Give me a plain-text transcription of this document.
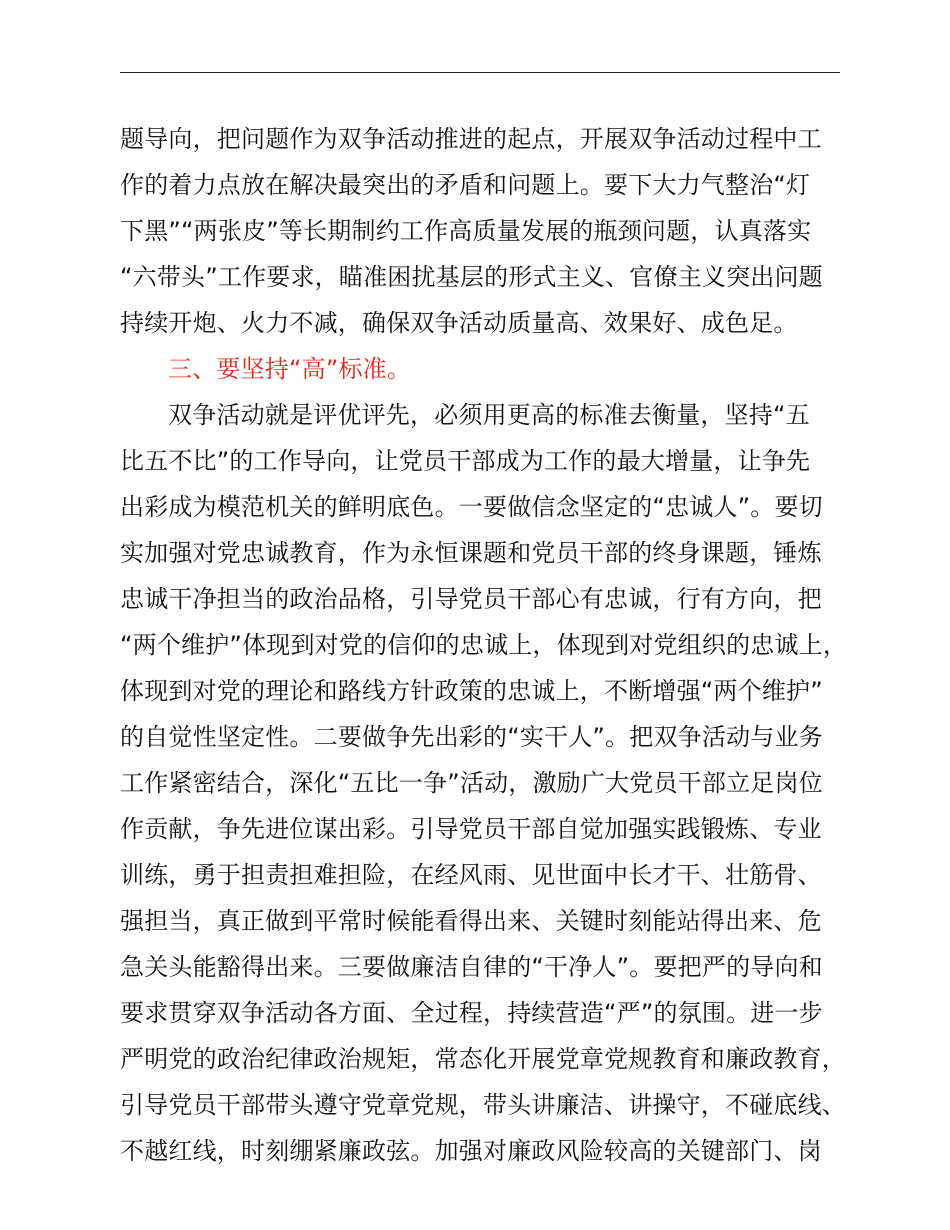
题导向，把问题作为双争活动推进的起点，开展双争活动过程中工
作的着力点放在解决最突出的矛盾和问题上。要下大力气整治“灯
下黑”“两张皮”等长期制约工作高质量发展的瓶颈问题，认真落实
“六带头”工作要求，瞄准困扰基层的形式主义、官僚主义突出问题
持续开炮、火力不减，确保双争活动质量高、效果好、成色足。
三、要坚持“高”标准。
双争活动就是评优评先，必须用更高的标准去衡量，坚持“五
比五不比”的工作导向，让党员干部成为工作的最大增量，让争先
出彩成为模范机关的鲜明底色。一要做信念坚定的“忠诚人”。要切
实加强对党忠诚教育，作为永恒课题和党员干部的终身课题，锤炼
忠诚干净担当的政治品格，引导党员干部心有忠诚，行有方向，把
“两个维护”体现到对党的信仰的忠诚上，体现到对党组织的忠诚上，
体现到对党的理论和路线方针政策的忠诚上，不断增强“两个维护”
的自觉性坚定性。二要做争先出彩的“实干人”。把双争活动与业务
工作紧密结合，深化“五比一争”活动，激励广大党员干部立足岗位
作贡献，争先进位谋出彩。引导党员干部自觉加强实践锻炼、专业
训练，勇于担责担难担险，在经风雨、见世面中长才干、壮筋骨、
强担当，真正做到平常时候能看得出来、关键时刻能站得出来、危
急关头能豁得出来。三要做廉洁自律的“干净人”。要把严的导向和
要求贯穿双争活动各方面、全过程，持续营造“严”的氛围。进一步
严明党的政治纪律政治规矩，常态化开展党章党规教育和廉政教育，
引导党员干部带头遵守党章党规，带头讲廉洁、讲操守，不碰底线、
不越红线，时刻绷紧廉政弦。加强对廉政风险较高的关键部门、岗
